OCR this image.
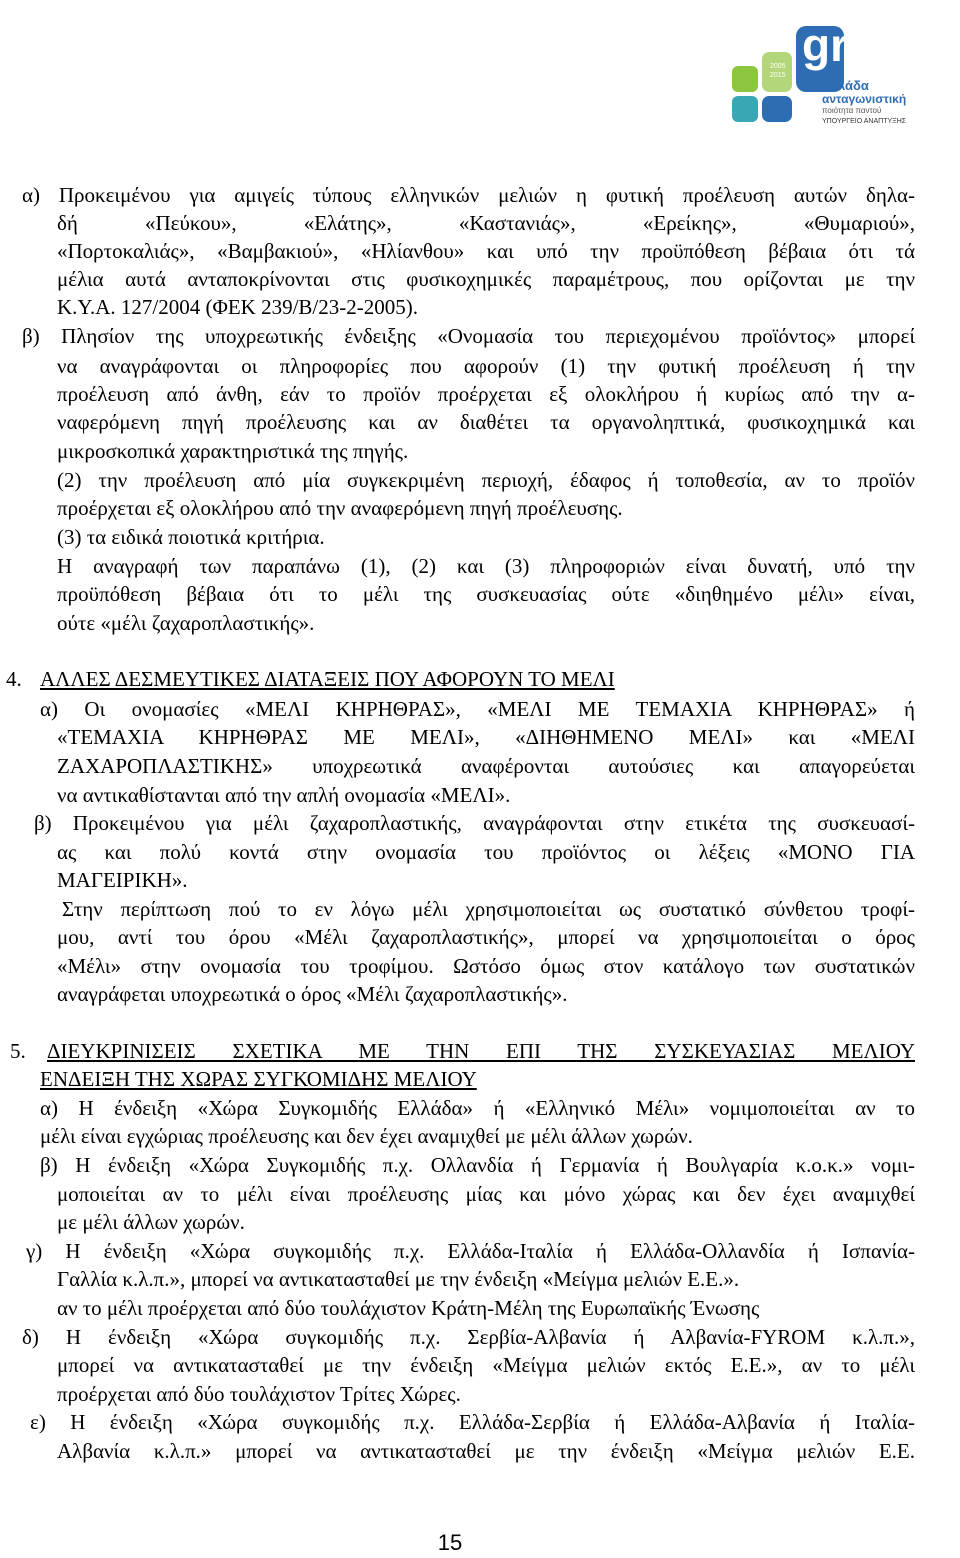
gr
2005 2015
Ελλάδα
ανταγωνιστική
ποιότητα παντού
ΥΠΟΥΡΓΕΙΟ ΑΝΑΠΤΥΞΗΣ
α) Προκειμένου για αμιγείς τύπους ελληνικών μελιών η φυτική προέλευση αυτών δηλα-
δή «Πεύκου», «Ελάτης», «Καστανιάς», «Ερείκης», «Θυμαριού»,
«Πορτοκαλιάς», «Βαμβακιού», «Ηλίανθου» και υπό την προϋπόθεση βέβαια ότι τά
μέλια αυτά ανταποκρίνονται στις φυσικοχημικές παραμέτρους, που ορίζονται με την
Κ.Υ.Α. 127/2004 (ΦΕΚ 239/Β/23-2-2005).
β) Πλησίον της υποχρεωτικής ένδειξης «Ονομασία του περιεχομένου προϊόντος» μπορεί
να αναγράφονται οι πληροφορίες που αφορούν (1) την φυτική προέλευση ή την
προέλευση από άνθη, εάν το προϊόν προέρχεται εξ ολοκλήρου ή κυρίως από την α-
ναφερόμενη πηγή προέλευσης και αν διαθέτει τα οργανοληπτικά, φυσικοχημικά και
μικροσκοπικά χαρακτηριστικά της πηγής.
(2) την προέλευση από μία συγκεκριμένη περιοχή, έδαφος ή τοποθεσία, αν το προϊόν
προέρχεται εξ ολοκλήρου από την αναφερόμενη πηγή προέλευσης.
(3) τα ειδικά ποιοτικά κριτήρια.
Η αναγραφή των παραπάνω (1), (2) και (3) πληροφοριών είναι δυνατή, υπό την
προϋπόθεση βέβαια ότι το μέλι της συσκευασίας ούτε «διηθημένο μέλι» είναι,
ούτε «μέλι ζαχαροπλαστικής».
4. ΑΛΛΕΣ ΔΕΣΜΕΥΤΙΚΕΣ ΔΙΑΤΑΞΕΙΣ ΠΟΥ ΑΦΟΡΟΥΝ ΤΟ ΜΕΛΙ
α) Οι ονομασίες «ΜΕΛΙ ΚΗΡΗΘΡΑΣ», «ΜΕΛΙ ΜΕ ΤΕΜΑΧΙΑ ΚΗΡΗΘΡΑΣ» ή
«ΤΕΜΑΧΙΑ ΚΗΡΗΘΡΑΣ ΜΕ ΜΕΛΙ», «ΔΙΗΘΗΜΕΝΟ ΜΕΛΙ» και «ΜΕΛΙ
ΖΑΧΑΡΟΠΛΑΣΤΙΚΗΣ» υποχρεωτικά αναφέρονται αυτούσιες και απαγορεύεται
να αντικαθίστανται από την απλή ονομασία «ΜΕΛΙ».
β) Προκειμένου για μέλι ζαχαροπλαστικής, αναγράφονται στην ετικέτα της συσκευασί-
ας και πολύ κοντά στην ονομασία του προϊόντος οι λέξεις «ΜΟΝΟ ΓΙΑ
ΜΑΓΕΙΡΙΚΗ».
Στην περίπτωση πού το εν λόγω μέλι χρησιμοποιείται ως συστατικό σύνθετου τροφί-
μου, αντί του όρου «Μέλι ζαχαροπλαστικής», μπορεί να χρησιμοποιείται ο όρος
«Μέλι» στην ονομασία του τροφίμου. Ωστόσο όμως στον κατάλογο των συστατικών
αναγράφεται υποχρεωτικά ο όρος «Μέλι ζαχαροπλαστικής».
5. ΔΙΕΥΚΡΙΝΙΣΕΙΣ ΣΧΕΤΙΚΑ ΜΕ ΤΗΝ ΕΠΙ ΤΗΣ ΣΥΣΚΕΥΑΣΙΑΣ ΜΕΛΙΟΥ
ΕΝΔΕΙΞΗ ΤΗΣ ΧΩΡΑΣ ΣΥΓΚΟΜΙΔΗΣ ΜΕΛΙΟΥ
α) Η ένδειξη «Χώρα Συγκομιδής Ελλάδα» ή «Ελληνικό Μέλι» νομιμοποιείται αν το
μέλι είναι εγχώριας προέλευσης και δεν έχει αναμιχθεί με μέλι άλλων χωρών.
β) Η ένδειξη «Χώρα Συγκομιδής π.χ. Ολλανδία ή Γερμανία ή Βουλγαρία κ.ο.κ.» νομι-
μοποιείται αν το μέλι είναι προέλευσης μίας και μόνο χώρας και δεν έχει αναμιχθεί
με μέλι άλλων χωρών.
γ) Η ένδειξη «Χώρα συγκομιδής π.χ. Ελλάδα-Ιταλία ή Ελλάδα-Ολλανδία ή Ισπανία-
Γαλλία κ.λ.π.», μπορεί να αντικατασταθεί με την ένδειξη «Μείγμα μελιών Ε.Ε.».
αν το μέλι προέρχεται από δύο τουλάχιστον Κράτη-Μέλη της Ευρωπαϊκής Ένωσης
δ) Η ένδειξη «Χώρα συγκομιδής π.χ. Σερβία-Αλβανία ή Αλβανία-FYROM κ.λ.π.»,
μπορεί να αντικατασταθεί με την ένδειξη «Μείγμα μελιών εκτός Ε.Ε.», αν το μέλι
προέρχεται από δύο τουλάχιστον Τρίτες Χώρες.
ε) Η ένδειξη «Χώρα συγκομιδής π.χ. Ελλάδα-Σερβία ή Ελλάδα-Αλβανία ή Ιταλία-
Αλβανία κ.λ.π.» μπορεί να αντικατασταθεί με την ένδειξη «Μείγμα μελιών Ε.Ε.
15
